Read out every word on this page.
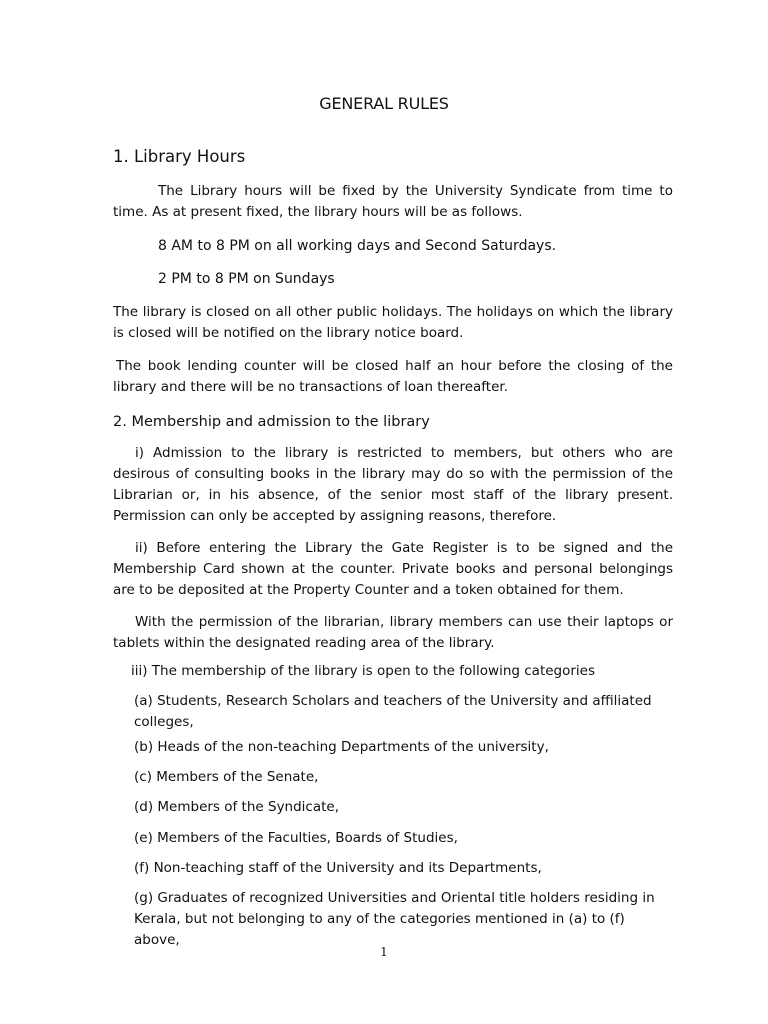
GENERAL RULES
1. Library Hours
The Library hours will be fixed by the University Syndicate from time to time. As at present fixed, the library hours will be as follows.
8 AM to 8 PM on all working days and Second Saturdays.
2 PM to 8 PM on Sundays
The library is closed on all other public holidays. The holidays on which the library is closed will be notified on the library notice board.
The book lending counter will be closed half an hour before the closing of the library and there will be no transactions of loan thereafter.
2. Membership and admission to the library
i) Admission to the library is restricted to members, but others who are desirous of consulting books in the library may do so with the permission of the Librarian or, in his absence, of the senior most staff of the library present. Permission can only be accepted by assigning reasons, therefore.
ii) Before entering the Library the Gate Register is to be signed and the Membership Card shown at the counter. Private books and personal belongings are to be deposited at the Property Counter and a token obtained for them.
With the permission of the librarian, library members can use their laptops or tablets within the designated reading area of the library.
iii) The membership of the library is open to the following categories
(a) Students, Research Scholars and teachers of the University and affiliated colleges,
(b) Heads of the non-teaching Departments of the university,
(c) Members of the Senate,
(d) Members of the Syndicate,
(e) Members of the Faculties, Boards of Studies,
(f) Non-teaching staff of the University and its Departments,
(g) Graduates of recognized Universities and Oriental title holders residing in Kerala, but not belonging to any of the categories mentioned in (a) to (f) above,
1
